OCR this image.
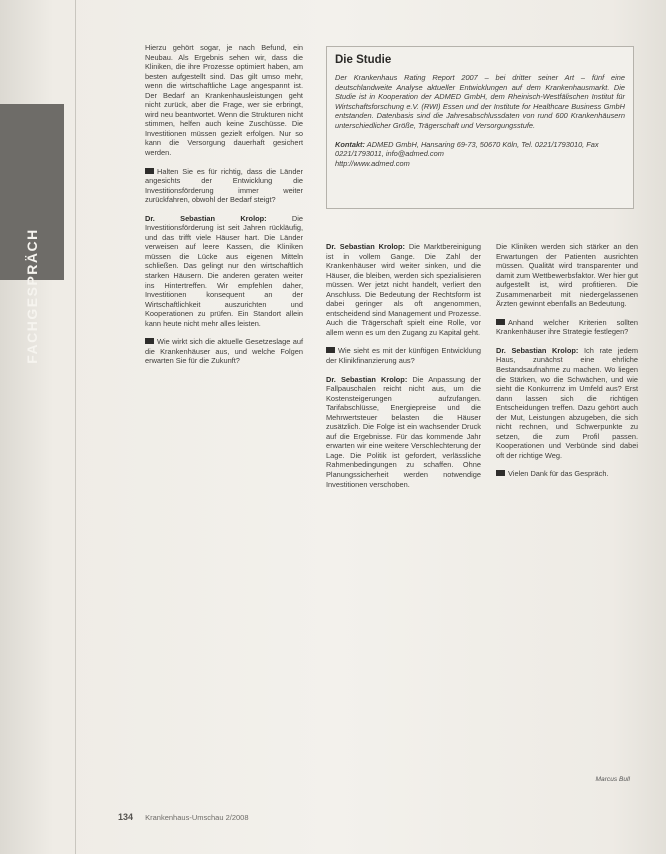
FACHGESPRÄCH

Hierzu gehört sogar, je nach Befund, ein Neubau. Als Ergebnis sehen wir, dass die Kliniken, die ihre Prozesse optimiert haben, am besten aufgestellt sind. Das gilt umso mehr, wenn die wirtschaftliche Lage angespannt ist. Der Bedarf an Krankenhausleistungen geht nicht zurück, aber die Frage, wer sie erbringt, wird neu beantwortet. Wenn die Strukturen nicht stimmen, helfen auch keine Zuschüsse. Die Investitionen müssen gezielt erfolgen. Nur so kann die Versorgung dauerhaft gesichert werden.

Halten Sie es für richtig, dass die Länder angesichts der Entwicklung die Investitionsförderung immer weiter zurückfahren, obwohl der Bedarf steigt?

Dr. Sebastian Krolop:	Die Investitionsförderung ist seit Jahren rückläufig, und das trifft viele Häuser hart. Die Länder verweisen auf leere Kassen, die Kliniken müssen die Lücke aus eigenen Mitteln schließen. Das gelingt nur den wirtschaftlich starken Häusern. Die anderen geraten weiter ins Hintertreffen. Wir empfehlen daher, Investitionen konsequent an der Wirtschaftlichkeit auszurichten und Kooperationen zu prüfen. Ein Standort allein kann heute nicht mehr alles leisten.

Wie wirkt sich die aktuelle Gesetzeslage auf die Krankenhäuser aus, und welche Folgen erwarten Sie für die Zukunft?

Die Studie

Der Krankenhaus Rating Report 2007 – bei dritter seiner Art – fünf eine deutschlandweite Analyse aktueller Entwicklungen auf dem Krankenhausmarkt. Die Studie ist in Kooperation der ADMED GmbH, dem Rheinisch-Westfälischen Institut für Wirtschaftsforschung e.V. (RWI) Essen und der Institute for Healthcare Business GmbH entstanden. Datenbasis sind die Jahresabschlussdaten von rund 600 Krankenhäusern unterschiedlicher Größe, Trägerschaft und Versorgungsstufe.

Kontakt: ADMED GmbH, Hansaring 69-73, 50670 Köln, Tel. 0221/1793010, Fax 0221/1793011, info@admed.com
http://www.admed.com

Dr. Sebastian Krolop: Die Marktbereinigung ist in vollem Gange. Die Zahl der Krankenhäuser wird weiter sinken, und die Häuser, die bleiben, werden sich spezialisieren müssen. Wer jetzt nicht handelt, verliert den Anschluss. Die Bedeutung der Rechtsform ist dabei geringer als oft angenommen, entscheidend sind Management und Prozesse. Auch die Trägerschaft spielt eine Rolle, vor allem wenn es um den Zugang zu Kapital geht.

Wie sieht es mit der künftigen Entwicklung der Klinikfinanzierung aus?

Dr. Sebastian Krolop: Die Anpassung der Fallpauschalen reicht nicht aus, um die Kostensteigerungen aufzufangen. Tarifabschlüsse, Energiepreise und die Mehrwertsteuer belasten die Häuser zusätzlich. Die Folge ist ein wachsender Druck auf die Ergebnisse. Für das kommende Jahr erwarten wir eine weitere Verschlechterung der Lage. Die Politik ist gefordert, verlässliche Rahmenbedingungen zu schaffen. Ohne Planungssicherheit werden notwendige Investitionen verschoben.

Die Kliniken werden sich stärker an den Erwartungen der Patienten ausrichten müssen. Qualität wird transparenter und damit zum Wettbewerbsfaktor. Wer hier gut aufgestellt ist, wird profitieren. Die Zusammenarbeit mit niedergelassenen Ärzten gewinnt ebenfalls an Bedeutung.

Anhand welcher Kriterien sollten Krankenhäuser ihre Strategie festlegen?

Dr. Sebastian Krolop: Ich rate jedem Haus, zunächst eine ehrliche Bestandsaufnahme zu machen. Wo liegen die Stärken, wo die Schwächen, und wie sieht die Konkurrenz im Umfeld aus? Erst dann lassen sich die richtigen Entscheidungen treffen. Dazu gehört auch der Mut, Leistungen abzugeben, die sich nicht rechnen, und Schwerpunkte zu setzen, die zum Profil passen. Kooperationen und Verbünde sind dabei oft der richtige Weg.

Vielen Dank für das Gespräch.

Marcus Bull
134 Krankenhaus-Umschau 2/2008
